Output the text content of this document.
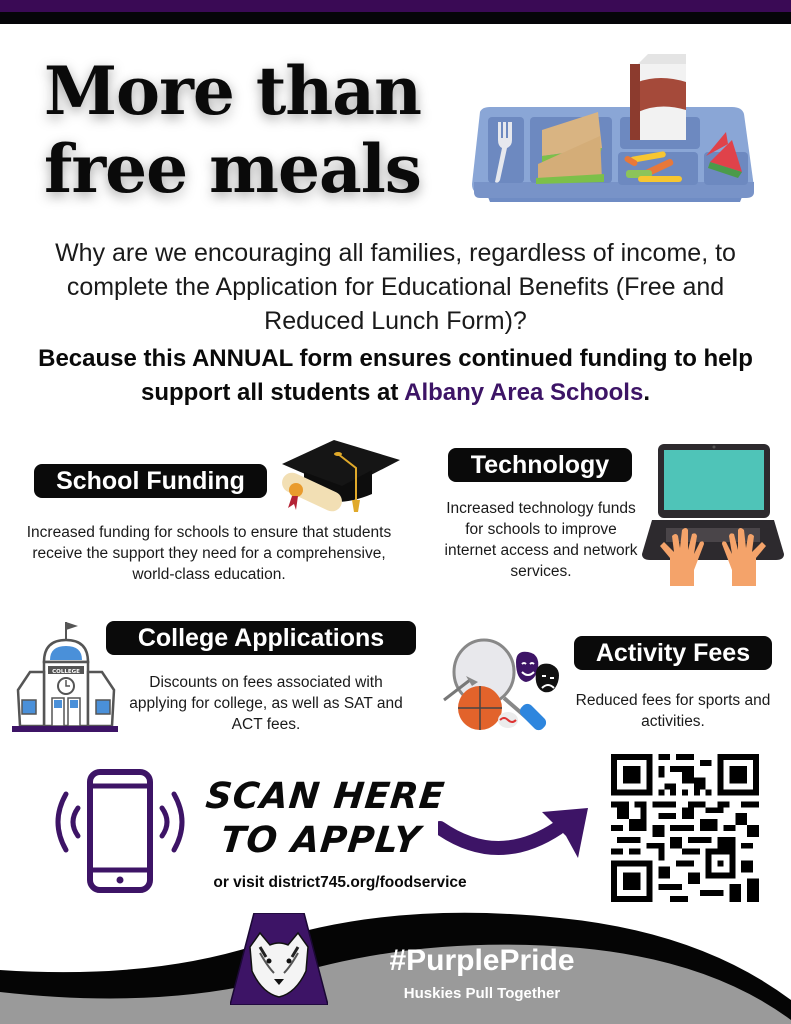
More than
free meals

Why are we encouraging all families, regardless of income, to complete the Application for Educational Benefits (Free and Reduced Lunch Form)?

Because this ANNUAL form ensures continued funding to help support all students at Albany Area Schools.

School Funding

Increased funding for schools to ensure that students receive the support they need for a comprehensive, world-class education.

Technology

Increased technology funds for schools to improve internet access and network services.

COLLEGE
College Applications

Discounts on fees associated with applying for college, as well as SAT and ACT fees.

Activity Fees

Reduced fees for sports and activities.

SCAN HERE
TO APPLY
or visit district745.org/foodservice
#PurplePride
Huskies Pull Together
